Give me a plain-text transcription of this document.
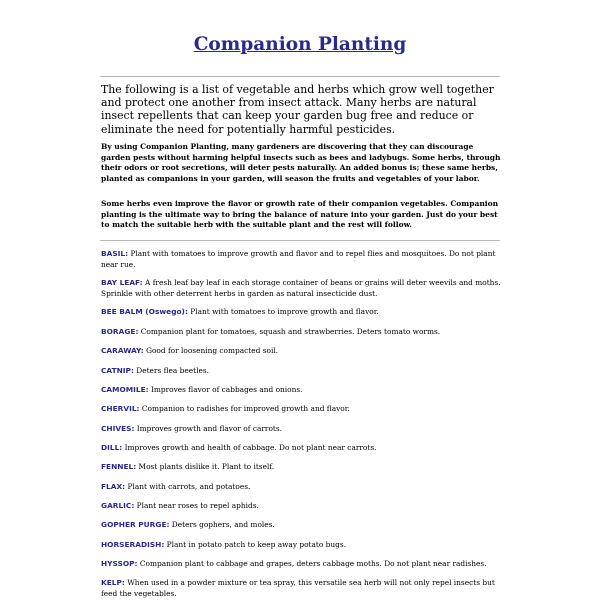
Companion Planting

The following is a list of vegetable and herbs which grow well together and protect one another from insect attack. Many herbs are natural insect repellents that can keep your garden bug free and reduce or eliminate the need for potentially harmful pesticides.

By using Companion Planting, many gardeners are discovering that they can discourage garden pests without harming helpful insects such as bees and ladybugs. Some herbs, through their odors or root secretions, will deter pests naturally. An added bonus is; these same herbs, planted as companions in your garden, will season the fruits and vegetables of your labor.

Some herbs even improve the flavor or growth rate of their companion vegetables. Companion planting is the ultimate way to bring the balance of nature into your garden. Just do your best to match the suitable herb with the suitable plant and the rest will follow.

BASIL: Plant with tomatoes to improve growth and flavor and to repel flies and mosquitoes. Do not plant near rue.

BAY LEAF: A fresh leaf bay leaf in each storage container of beans or grains will deter weevils and moths. Sprinkle with other deterrent herbs in garden as natural insecticide dust.

BEE BALM (Oswego): Plant with tomatoes to improve growth and flavor.

BORAGE: Companion plant for tomatoes, squash and strawberries. Deters tomato worms.

CARAWAY: Good for loosening compacted soil.

CATNIP: Deters flea beetles.

CAMOMILE: Improves flavor of cabbages and onions.

CHERVIL: Companion to radishes for improved growth and flavor.

CHIVES: Improves growth and flavor of carrots.

DILL: Improves growth and health of cabbage. Do not plant near carrots.

FENNEL: Most plants dislike it. Plant to itself.

FLAX: Plant with carrots, and potatoes.

GARLIC: Plant near roses to repel aphids.

GOPHER PURGE: Deters gophers, and moles.

HORSERADISH: Plant in potato patch to keep away potato bugs.

HYSSOP: Companion plant to cabbage and grapes, deters cabbage moths. Do not plant near radishes.

KELP: When used in a powder mixture or tea spray, this versatile sea herb will not only repel insects but feed the vegetables.
